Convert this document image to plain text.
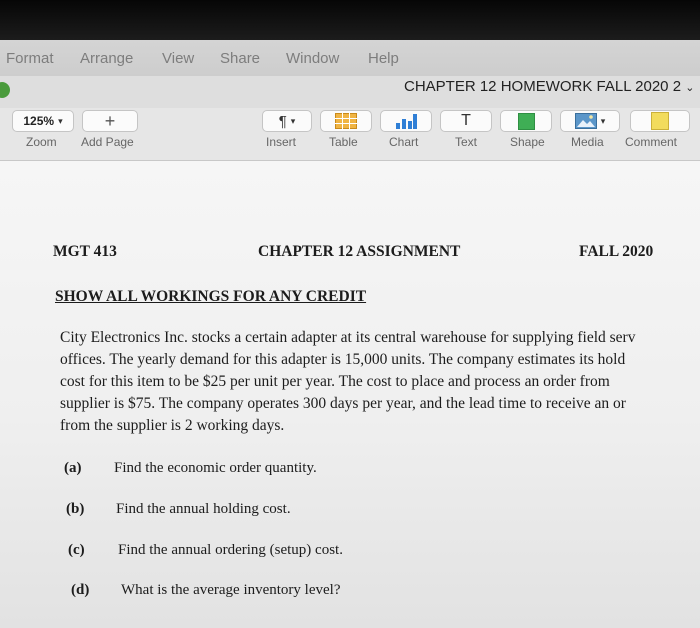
Format Arrange View Share Window Help
CHAPTER 12 HOMEWORK FALL 2020 2 ⌄
125% ▾
Zoom
+
Add Page
¶ ▾
Insert	Table	Chart
T
Text	Shape
▾
Media Comment
MGT 413	CHAPTER 12 ASSIGNMENT	FALL 2020
SHOW ALL WORKINGS FOR ANY CREDIT
City Electronics Inc. stocks a certain adapter at its central warehouse for supplying field serv
offices. The yearly demand for this adapter is 15,000 units. The company estimates its hold
cost for this item to be $25 per unit per year. The cost to place and process an order from
supplier is $75. The company operates 300 days per year, and the lead time to receive an or
from the supplier is 2 working days.
(a) Find the economic order quantity.
(b) Find the annual holding cost.
(c) Find the annual ordering (setup) cost.
(d) What is the average inventory level?
